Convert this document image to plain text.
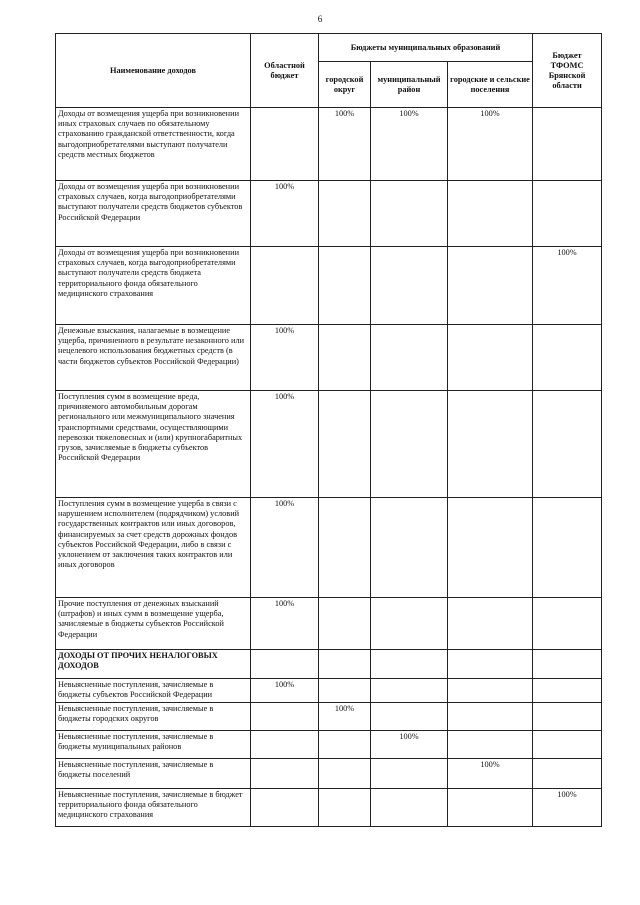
6
Наименование доходов	Областной бюджет	Бюджеты муниципальных образований			Бюджет ТФОМС Брянской области
		городской округ	муниципальный район	городские и сельские поселения	
Доходы от возмещения ущерба при возникновении иных страховых случаев по обязательному страхованию гражданской ответственности, когда выгодоприобретателями выступают получатели средств местных бюджетов		100%	100%	100%	
Доходы от возмещения ущерба при возникновении страховых случаев, когда выгодоприобретателями выступают получатели средств бюджетов субъектов Российской Федерации	100%				
Доходы от возмещения ущерба при возникновении страховых случаев, когда выгодоприобретателями выступают получатели средств бюджета территориального фонда обязательного медицинского страхования					100%
Денежные взыскания, налагаемые в возмещение ущерба, причиненного в результате незаконного или нецелевого использования бюджетных средств (в части бюджетов субъектов Российской Федерации)	100%				
Поступления сумм в возмещение вреда, причиняемого автомобильным дорогам регионального или межмуниципального значения транспортными средствами, осуществляющими перевозки тяжеловесных и (или) крупногабаритных грузов, зачисляемые в бюджеты субъектов Российской Федерации	100%				
Поступления сумм в возмещение ущерба в связи с нарушением исполнителем (подрядчиком) условий государственных контрактов или иных договоров, финансируемых за счет средств дорожных фондов субъектов Российской Федерации, либо в связи с уклонением от заключения таких контрактов или иных договоров	100%				
Прочие поступления от денежных взысканий (штрафов) и иных сумм в возмещение ущерба, зачисляемые в бюджеты субъектов Российской Федерации	100%				
ДОХОДЫ ОТ ПРОЧИХ НЕНАЛОГОВЫХ ДОХОДОВ					
Невыясненные поступления, зачисляемые в бюджеты субъектов Российской Федерации	100%				
Невыясненные поступления, зачисляемые в бюджеты городских округов		100%			
Невыясненные поступления, зачисляемые в бюджеты муниципальных районов			100%		
Невыясненные поступления, зачисляемые в бюджеты поселений				100%	
Невыясненные поступления, зачисляемые в бюджет территориального фонда обязательного медицинского страхования					100%
